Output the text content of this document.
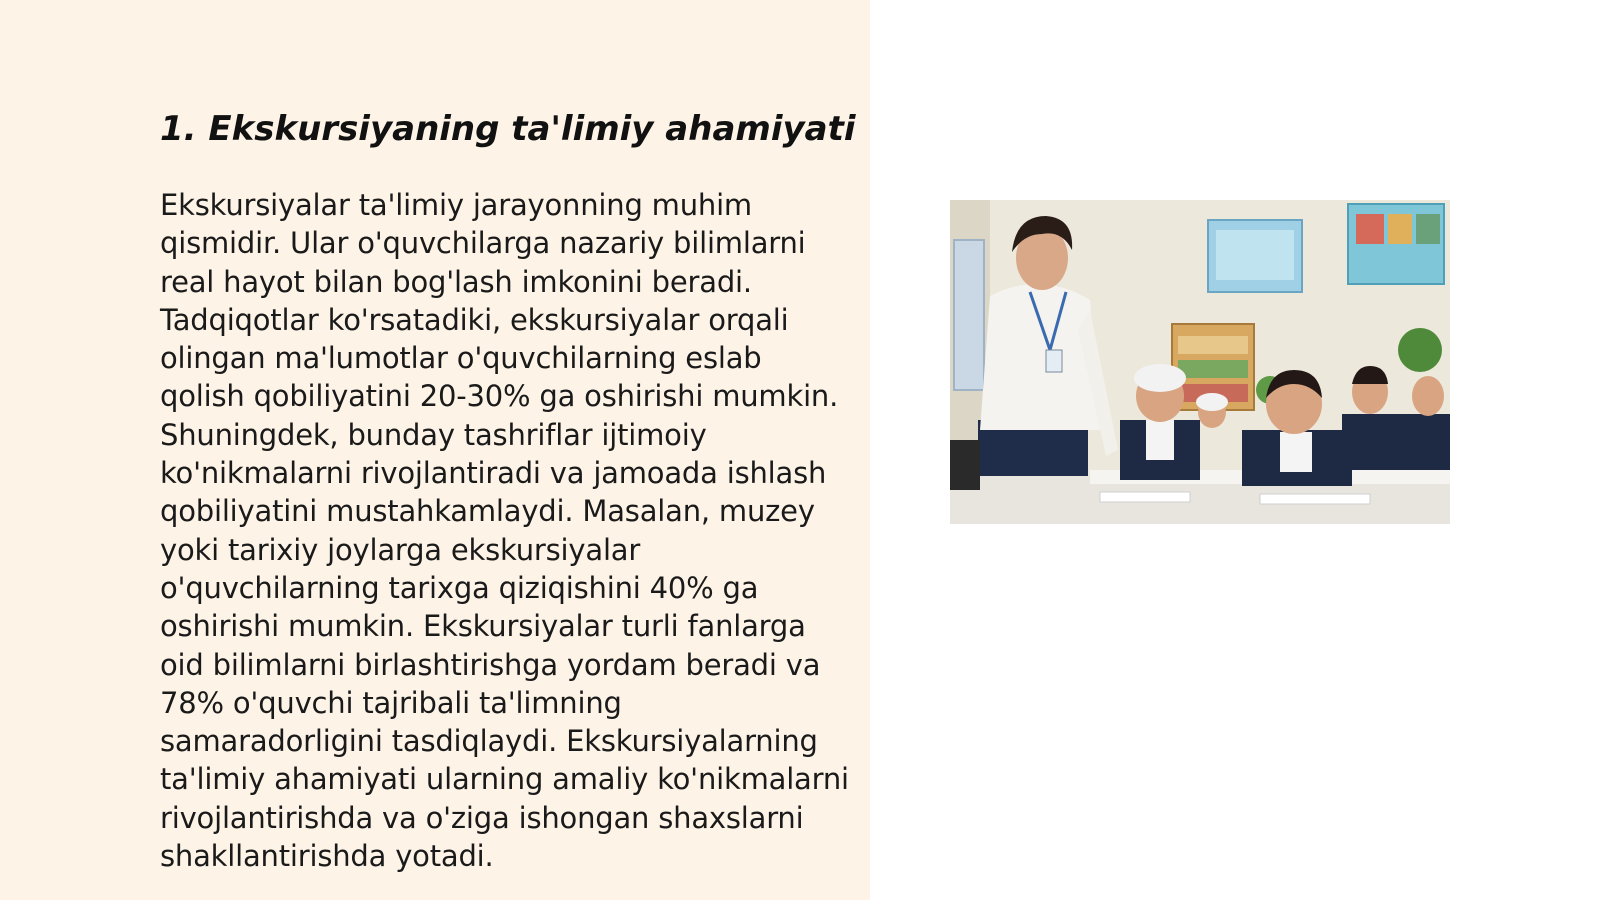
1. Ekskursiyaning ta'limiy ahamiyati

Ekskursiyalar ta'limiy jarayonning muhim qismidir. Ular o'quvchilarga nazariy bilimlarni real hayot bilan bog'lash imkonini beradi. Tadqiqotlar ko'rsatadiki, ekskursiyalar orqali olingan ma'lumotlar o'quvchilarning eslab qolish qobiliyatini 20-30% ga oshirishi mumkin. Shuningdek, bunday tashriflar ijtimoiy ko'nikmalarni rivojlantiradi va jamoada ishlash qobiliyatini mustahkamlaydi. Masalan, muzey yoki tarixiy joylarga ekskursiyalar o'quvchilarning tarixga qiziqishini 40% ga oshirishi mumkin. Ekskursiyalar turli fanlarga oid bilimlarni birlashtirishga yordam beradi va 78% o'quvchi tajribali ta'limning samaradorligini tasdiqlaydi. Ekskursiyalarning ta'limiy ahamiyati ularning amaliy ko'nikmalarni rivojlantirishda va o'ziga ishongan shaxslarni shakllantirishda yotadi.
